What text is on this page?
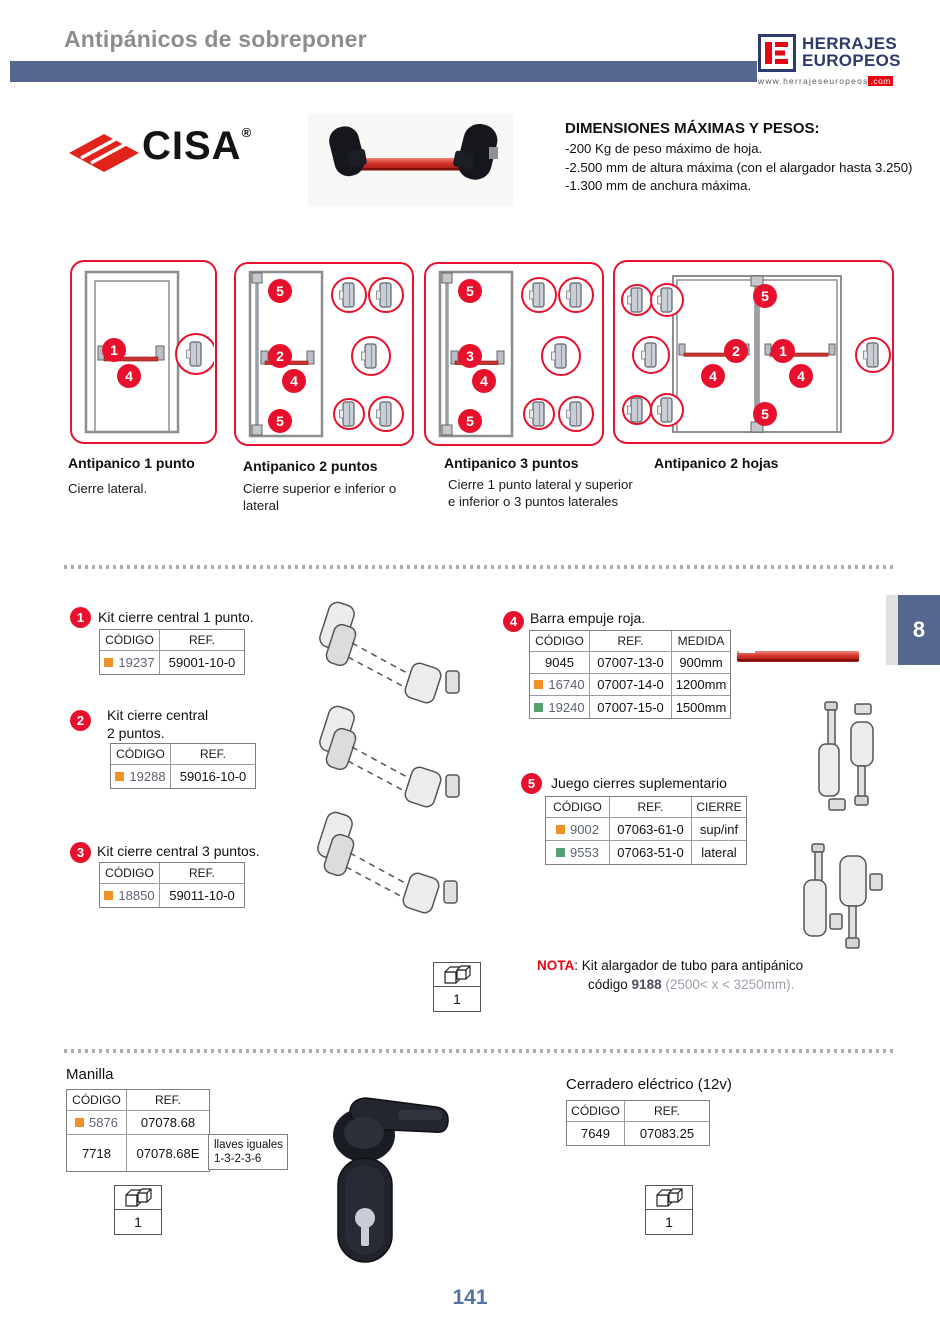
Antipánicos de sobreponer	HERRAJES
EUROPEOS
www.herrajeseuropeos .com
CISA®	DIMENSIONES MÁXIMAS Y PESOS:
-200 Kg de peso máximo de hoja.
-2.500 mm de altura máxima (con el alargador hasta 3.250)
-1.300 mm de anchura máxima.
1
4
5
2
4
5
5
3
4
5
5
2	1
4	4
5
Antipanico 1 punto
Cierre lateral.
Antipanico 2 puntos
Cierre superior e inferior o lateral
Antipanico 3 puntos
Cierre 1 punto lateral y superior e inferior o 3 puntos laterales
Antipanico 2 hojas
1 Kit cierre central 1 punto.
CÓDIGO	REF.
19237	59001-10-0
2	Kit cierre central
2 puntos.
CÓDIGO	REF.
19288	59016-10-0
3 Kit cierre central 3 puntos.
CÓDIGO	REF.
18850	59011-10-0
4 Barra empuje roja.
CÓDIGO	REF.	MEDIDA
9045	07007-13-0	900mm
16740 07007-14-0 1200mm
19240 07007-15-0 1500mm
5	Juego cierres suplementario
CÓDIGO	REF.	CIERRE
9002	07063-61-0	sup/inf
9553	07063-51-0	lateral
1
NOTA: Kit alargador de tubo para antipánico
código 9188 (2500< x < 3250mm).
8
Manilla
CÓDIGO	REF.
5876	07078.68
7718	07078.68E
llaves iguales
1-3-2-3-6
Cerradero eléctrico (12v)
CÓDIGO	REF.
7649	07083.25
1	1
141
